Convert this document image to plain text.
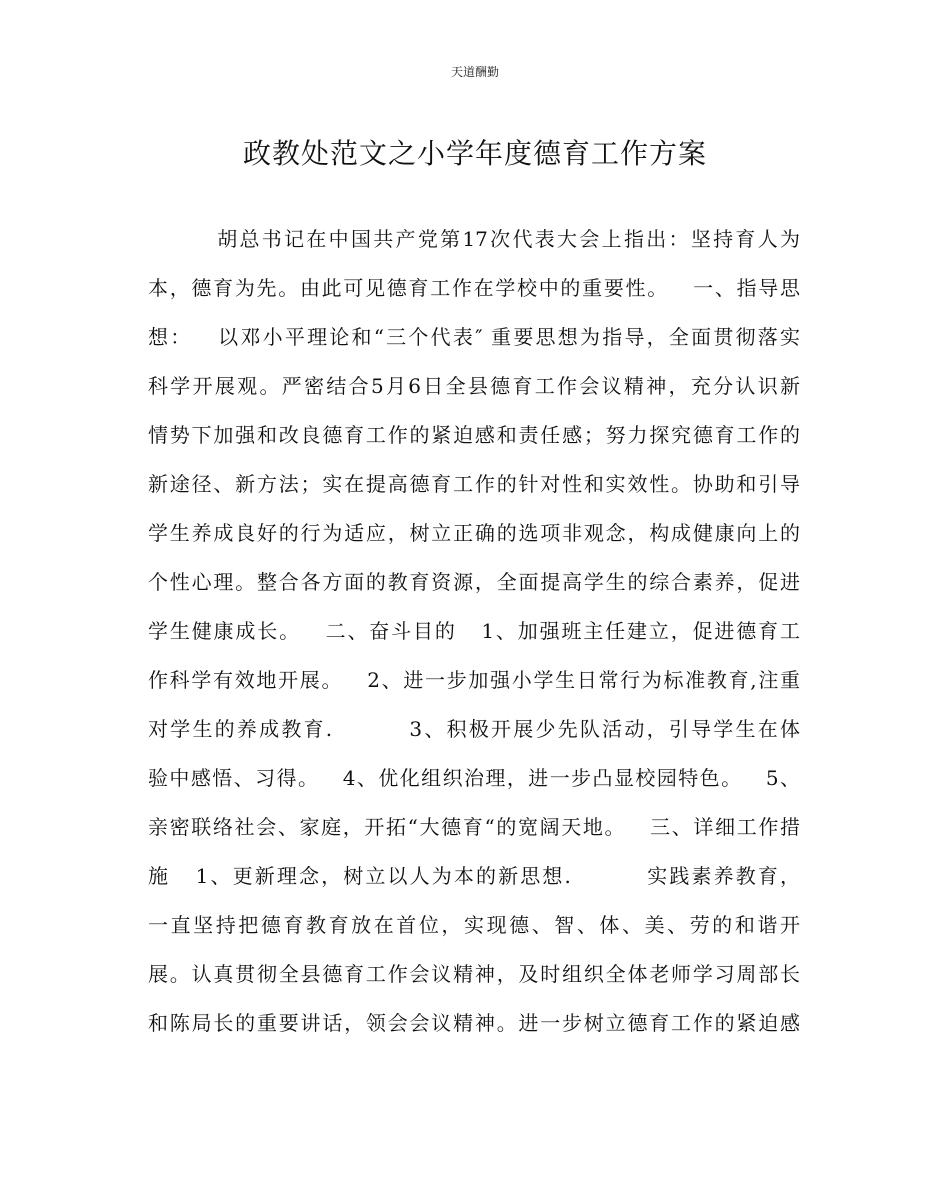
天道酬勤
政教处范文之小学年度德育工作方案
胡总书记在中国共产党第17次代表大会上指出：坚持育人为
本，德育为先。由此可见德育工作在学校中的重要性。   一、指导思
想：   以邓小平理论和“三个代表″ 重要思想为指导，全面贯彻落实
科学开展观。严密结合5月6日全县德育工作会议精神，充分认识新
情势下加强和改良德育工作的紧迫感和责任感；努力探究德育工作的
新途径、新方法；实在提高德育工作的针对性和实效性。协助和引导
学生养成良好的行为适应，树立正确的选项非观念，构成健康向上的
个性心理。整合各方面的教育资源，全面提高学生的综合素养，促进
学生健康成长。   二、奋斗目的   1、加强班主任建立，促进德育工
作科学有效地开展。   2、进一步加强小学生日常行为标准教育,注重
对学生的养成教育.         3、积极开展少先队活动，引导学生在体
验中感悟、习得。   4、优化组织治理，进一步凸显校园特色。   5、
亲密联络社会、家庭，开拓“大德育“的宽阔天地。   三、详细工作措
施   1、更新理念，树立以人为本的新思想.         实践素养教育，
一直坚持把德育教育放在首位，实现德、智、体、美、劳的和谐开
展。认真贯彻全县德育工作会议精神，及时组织全体老师学习周部长
和陈局长的重要讲话，领会会议精神。进一步树立德育工作的紧迫感
